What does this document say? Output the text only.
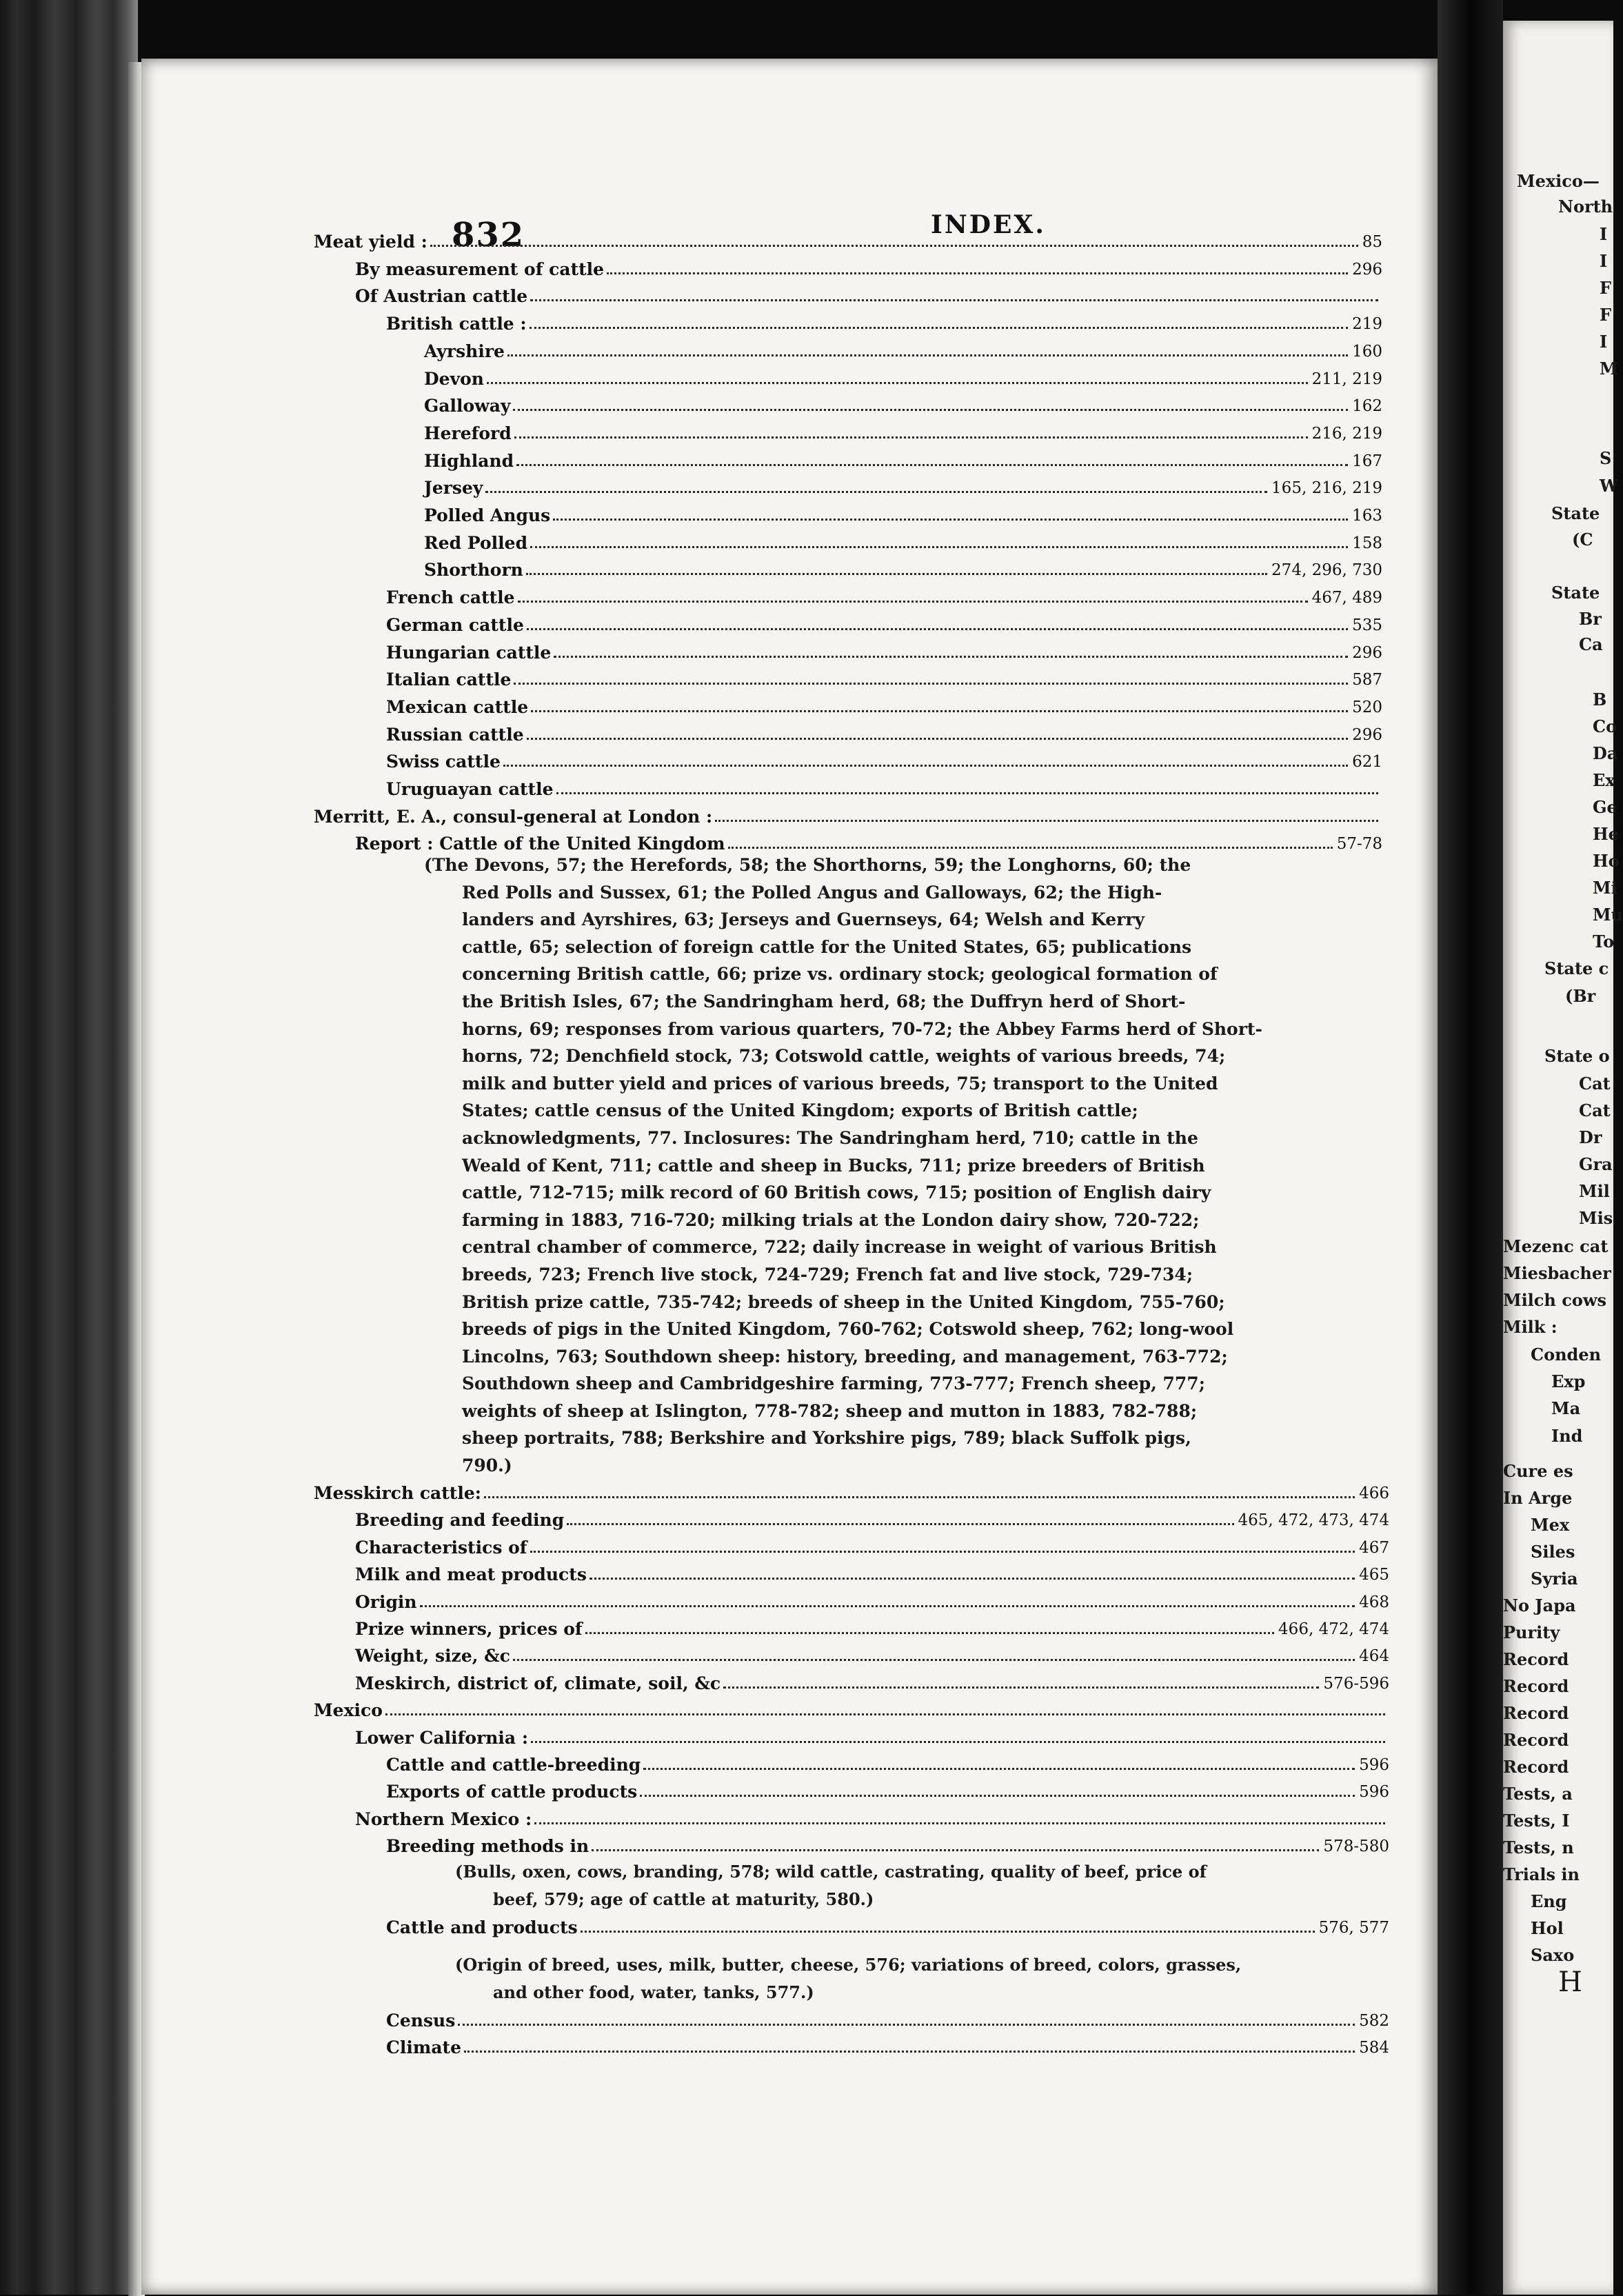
832	INDEX.
Meat yield :	85
By measurement of cattle	296
Of Austrian cattle
British cattle :	219
Ayrshire	160
Devon	211, 219
Galloway	162
Hereford	216, 219
Highland	167
Jersey	165, 216, 219
Polled Angus	163
Red Polled	158
Shorthorn	274, 296, 730
French cattle	467, 489
German cattle	535
Hungarian cattle	296
Italian cattle	587
Mexican cattle	520
Russian cattle	296
Swiss cattle	621
Uruguayan cattle
Merritt, E. A., consul-general at London :
Report : Cattle of the United Kingdom	57-78
(The Devons, 57; the Herefords, 58; the Shorthorns, 59; the Longhorns, 60; the
Red Polls and Sussex, 61; the Polled Angus and Galloways, 62; the High-
landers and Ayrshires, 63; Jerseys and Guernseys, 64; Welsh and Kerry
cattle, 65; selection of foreign cattle for the United States, 65; publications
concerning British cattle, 66; prize vs. ordinary stock; geological formation of
the British Isles, 67; the Sandringham herd, 68; the Duffryn herd of Short-
horns, 69; responses from various quarters, 70-72; the Abbey Farms herd of Short-
horns, 72; Denchfield stock, 73; Cotswold cattle, weights of various breeds, 74;
milk and butter yield and prices of various breeds, 75; transport to the United
States; cattle census of the United Kingdom; exports of British cattle;
acknowledgments, 77. Inclosures: The Sandringham herd, 710; cattle in the
Weald of Kent, 711; cattle and sheep in Bucks, 711; prize breeders of British
cattle, 712-715; milk record of 60 British cows, 715; position of English dairy
farming in 1883, 716-720; milking trials at the London dairy show, 720-722;
central chamber of commerce, 722; daily increase in weight of various British
breeds, 723; French live stock, 724-729; French fat and live stock, 729-734;
British prize cattle, 735-742; breeds of sheep in the United Kingdom, 755-760;
breeds of pigs in the United Kingdom, 760-762; Cotswold sheep, 762; long-wool
Lincolns, 763; Southdown sheep: history, breeding, and management, 763-772;
Southdown sheep and Cambridgeshire farming, 773-777; French sheep, 777;
weights of sheep at Islington, 778-782; sheep and mutton in 1883, 782-788;
sheep portraits, 788; Berkshire and Yorkshire pigs, 789; black Suffolk pigs,
790.)
Messkirch cattle:	466
Breeding and feeding	465, 472, 473, 474
Characteristics of	467
Milk and meat products	465
Origin	468
Prize winners, prices of	466, 472, 474
Weight, size, &c	464
Meskirch, district of, climate, soil, &c	576-596
Mexico
Lower California :
Cattle and cattle-breeding	596
Exports of cattle products	596
Northern Mexico :
Breeding methods in	578-580
(Bulls, oxen, cows, branding, 578; wild cattle, castrating, quality of beef, price of
beef, 579; age of cattle at maturity, 580.)
Cattle and products	576, 577
(Origin of breed, uses, milk, butter, cheese, 576; variations of breed, colors, grasses,
and other food, water, tanks, 577.)
Census	582
Climate	584
Mexico—
North
I
I
F
F
I
M
S
W
State
(C
State
Br
Ca
B
Co
Da
Ex
Ge
He
Ho
Mi
Mu
To
State c
(Br
State o
Cat
Cat
Dr
Gra
Mil
Mis
Mezenc cat
Miesbacher
Milch cows
Milk :
Conden
Exp
Ma
Ind
Cure es
In Arge
Mex
Siles
Syria
No Japa
Purity
Record
Record
Record
Record
Record
Tests, a
Tests, I
Tests, n
Trials in
Eng
Hol
Saxo
H
